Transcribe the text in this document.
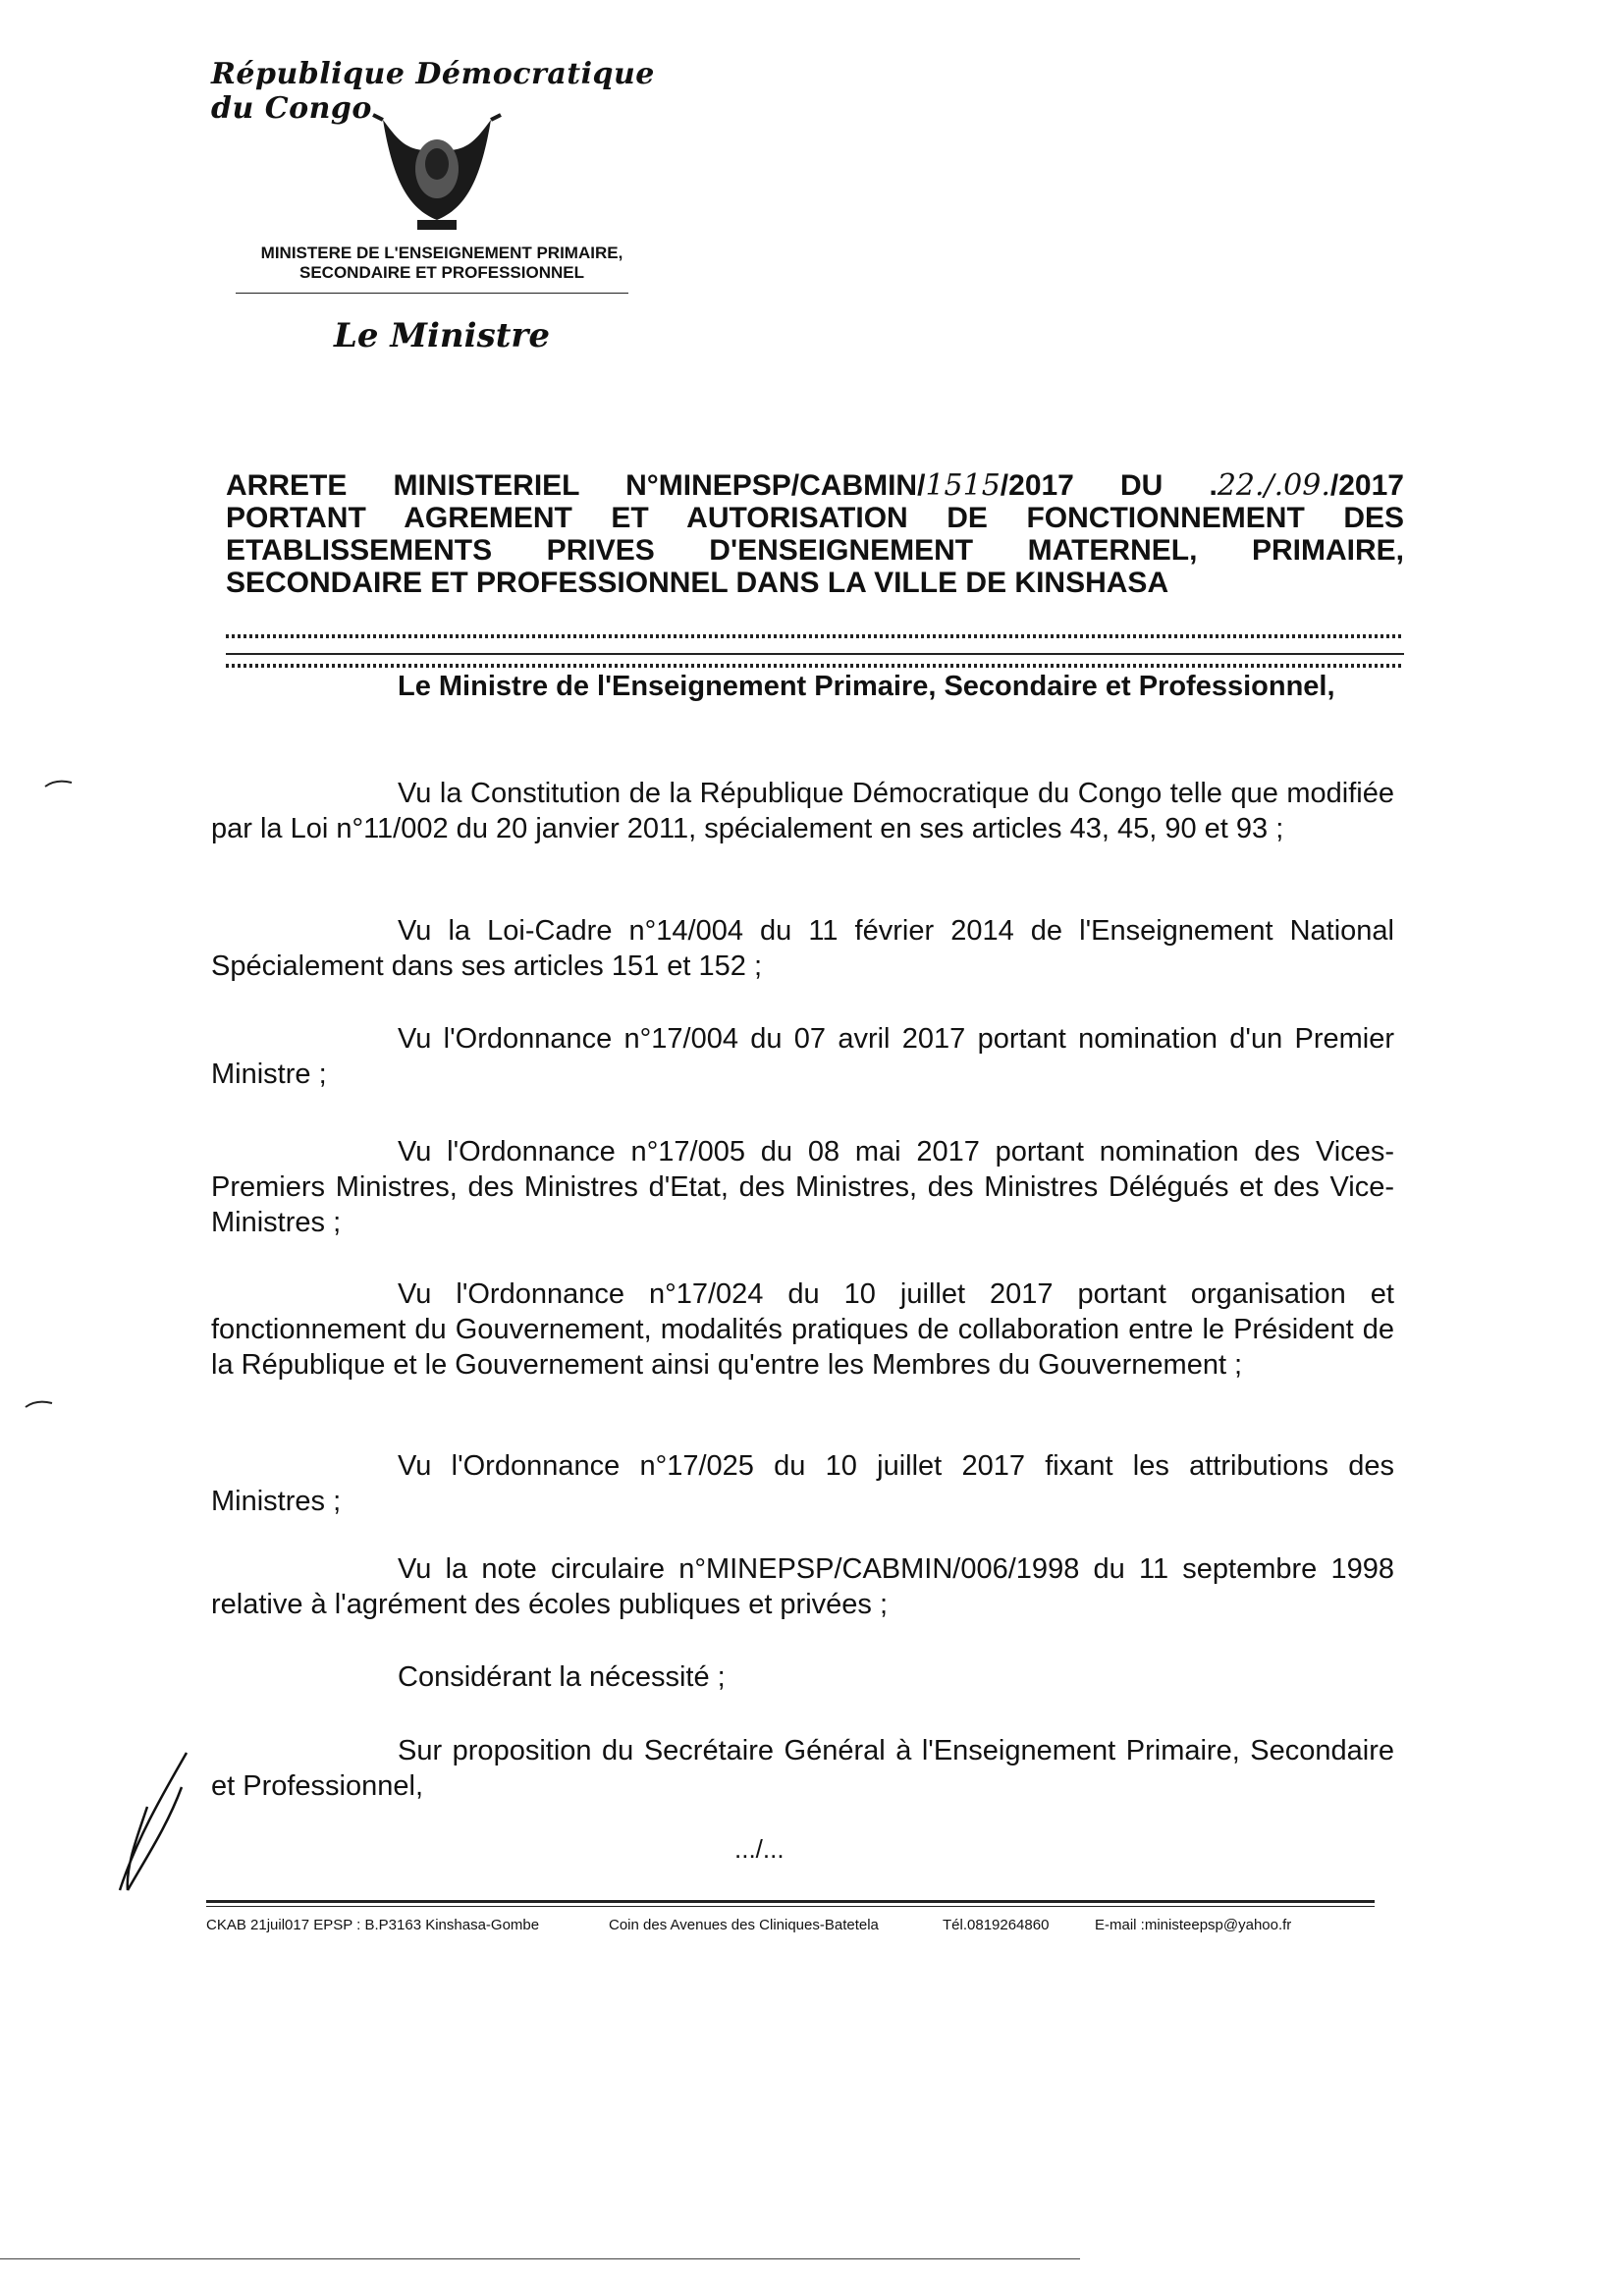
République Démocratique du Congo
MINISTERE DE L'ENSEIGNEMENT PRIMAIRE,
SECONDAIRE ET PROFESSIONNEL
Le Ministre
ARRETE MINISTERIEL N°MINEPSP/CABMIN/1515/2017 DU .22./.09./2017
PORTANT AGREMENT ET AUTORISATION DE FONCTIONNEMENT DES
ETABLISSEMENTS PRIVES D'ENSEIGNEMENT MATERNEL, PRIMAIRE,
SECONDAIRE ET PROFESSIONNEL DANS LA VILLE DE KINSHASA
Le Ministre de l'Enseignement Primaire, Secondaire et Professionnel,
Vu la Constitution de la République Démocratique du Congo telle que modifiée par la Loi n°11/002 du 20 janvier 2011, spécialement en ses articles 43, 45, 90 et 93 ;
Vu la Loi-Cadre n°14/004 du 11 février 2014 de l'Enseignement National Spécialement dans ses articles 151 et 152 ;
Vu l'Ordonnance n°17/004 du 07 avril 2017 portant nomination d'un Premier Ministre ;
Vu l'Ordonnance n°17/005 du 08 mai 2017 portant nomination des Vices-Premiers Ministres, des Ministres d'Etat, des Ministres, des Ministres Délégués et des Vice-Ministres ;
Vu l'Ordonnance n°17/024 du 10 juillet 2017 portant organisation et fonctionnement du Gouvernement, modalités pratiques de collaboration entre le Président de la République et le Gouvernement ainsi qu'entre les Membres du Gouvernement ;
Vu l'Ordonnance n°17/025 du 10 juillet 2017 fixant les attributions des Ministres ;
Vu la note circulaire n°MINEPSP/CABMIN/006/1998 du 11 septembre 1998 relative à l'agrément des écoles publiques et privées ;
Considérant la nécessité ;
Sur proposition du Secrétaire Général à l'Enseignement Primaire, Secondaire et Professionnel,
.../...
CKAB 21juil017 EPSP : B.P3163 Kinshasa-Gombe	Coin des Avenues des Cliniques-Batetela	Tél.0819264860	E-mail :ministeepsp@yahoo.fr
